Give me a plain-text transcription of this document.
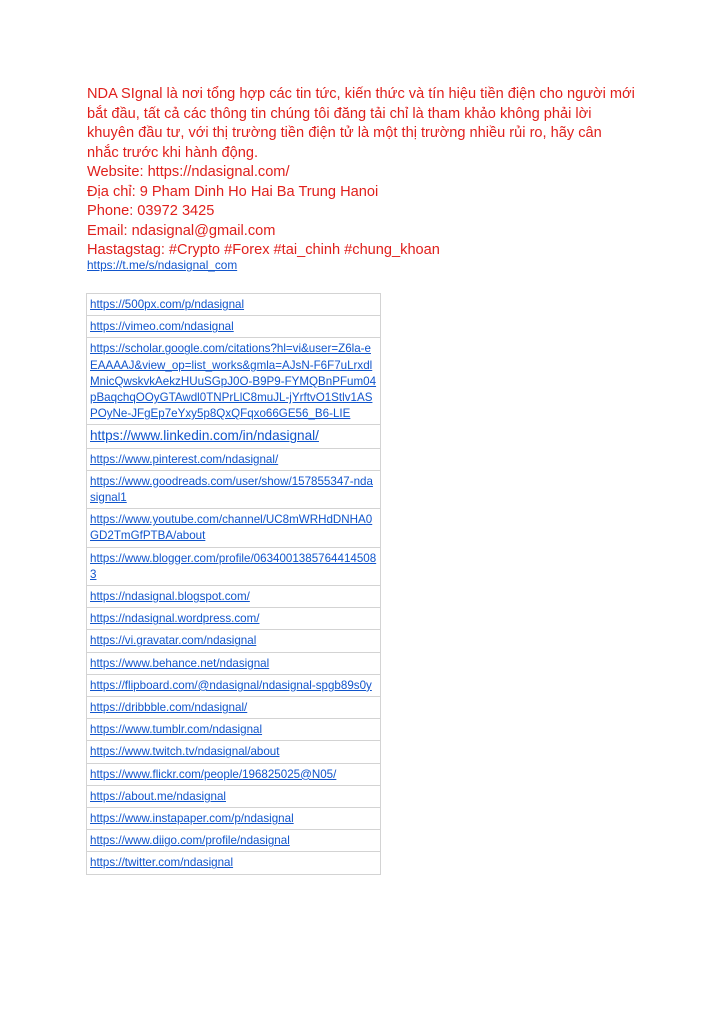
NDA SIgnal là nơi tổng hợp các tin tức, kiến thức và tín hiệu tiền điện cho người mới
bắt đầu, tất cả các thông tin chúng tôi đăng tải chỉ là tham khảo không phải lời
khuyên đầu tư, với thị trường tiền điện tử là một thị trường nhiều rủi ro, hãy cân
nhắc trước khi hành động.
Website: https://ndasignal.com/
Địa chỉ: 9 Pham Dinh Ho Hai Ba Trung Hanoi
Phone: 03972 3425
Email: ndasignal@gmail.com
Hastagstag: #Crypto #Forex #tai_chinh #chung_khoan
https://t.me/s/ndasignal_com
https://500px.com/p/ndasignal
https://vimeo.com/ndasignal
https://scholar.google.com/citations?hl=vi&user=Z6la-eEAAAAJ&view_op=list_works&gmla=AJsN-F6F7uLrxdlMnicQwskvkAekzHUuSGpJ0O-B9P9-FYMQBnPFum04pBaqchqOOyGTAwdl0TNPrLlC8muJL-jYrftvO1Stlv1ASPOyNe-JFgEp7eYxy5p8QxQFqxo66GE56_B6-LIE
https://www.linkedin.com/in/ndasignal/
https://www.pinterest.com/ndasignal/
https://www.goodreads.com/user/show/157855347-ndasignal1
https://www.youtube.com/channel/UC8mWRHdDNHA0GD2TmGfPTBA/about
https://www.blogger.com/profile/06340013857644145083
https://ndasignal.blogspot.com/
https://ndasignal.wordpress.com/
https://vi.gravatar.com/ndasignal
https://www.behance.net/ndasignal
https://flipboard.com/@ndasignal/ndasignal-spgb89s0y
https://dribbble.com/ndasignal/
https://www.tumblr.com/ndasignal
https://www.twitch.tv/ndasignal/about
https://www.flickr.com/people/196825025@N05/
https://about.me/ndasignal
https://www.instapaper.com/p/ndasignal
https://www.diigo.com/profile/ndasignal
https://twitter.com/ndasignal
